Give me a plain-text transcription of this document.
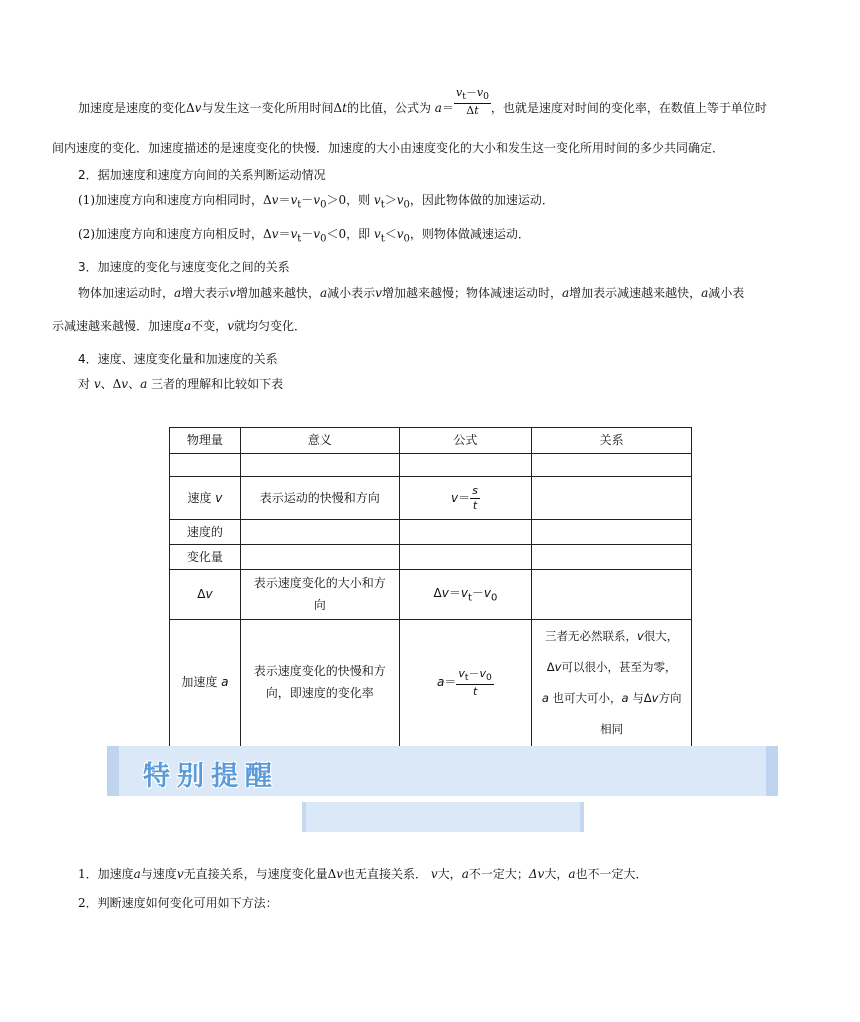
加速度是速度的变化Δv与发生这一变化所用时间Δt的比值，公式为 $a= \frac{v_t-v_0}{\Delta t}$ ，也就是速度对时间的变化率，在数值上等于单位时
间内速度的变化．加速度描述的是速度变化的快慢．加速度的大小由速度变化的大小和发生这一变化所用时间的多少共同确定．
2．据加速度和速度方向间的关系判断运动情况
(1)加速度方向和速度方向相同时，$\Delta v=v_t-v_0>0$，则 $v_t>v_0$，因此物体做的加速运动．
(2)加速度方向和速度方向相反时，$\Delta v=v_t-v_0<0$，即 $v_t<v_0$，则物体做减速运动．
3．加速度的变化与速度变化之间的关系
物体加速运动时，a增大表示v增加越来越快，a减小表示v增加越来越慢；物体减速运动时，a增加表示减速越来越快，a减小表
示减速越来越慢．加速度a不变，v就均匀变化．
4．速度、速度变化量和加速度的关系
对 v、Δv、a 三者的理解和比较如下表
物理量	意义	公式	关系

速度 v	表示运动的快慢和方向	$v= \frac{s}{t}$

速度的			
变化量			
Δv	表示速度变化的大小和方
向	$\Delta v=v_t-v_0$	
加速度 a	表示速度变化的快慢和方
向，即速度的变化率	$a= \frac{v_t-v_0}{t}$	三者无必然联系，v很大，
Δv可以很小，甚至为零，
a 也可大可小，a 与Δv方向
相同
特别提醒
1．加速度a与速度v无直接关系，与速度变化量Δv也无直接关系． v大，a不一定大；Δv大，a也不一定大．
2．判断速度如何变化可用如下方法：
